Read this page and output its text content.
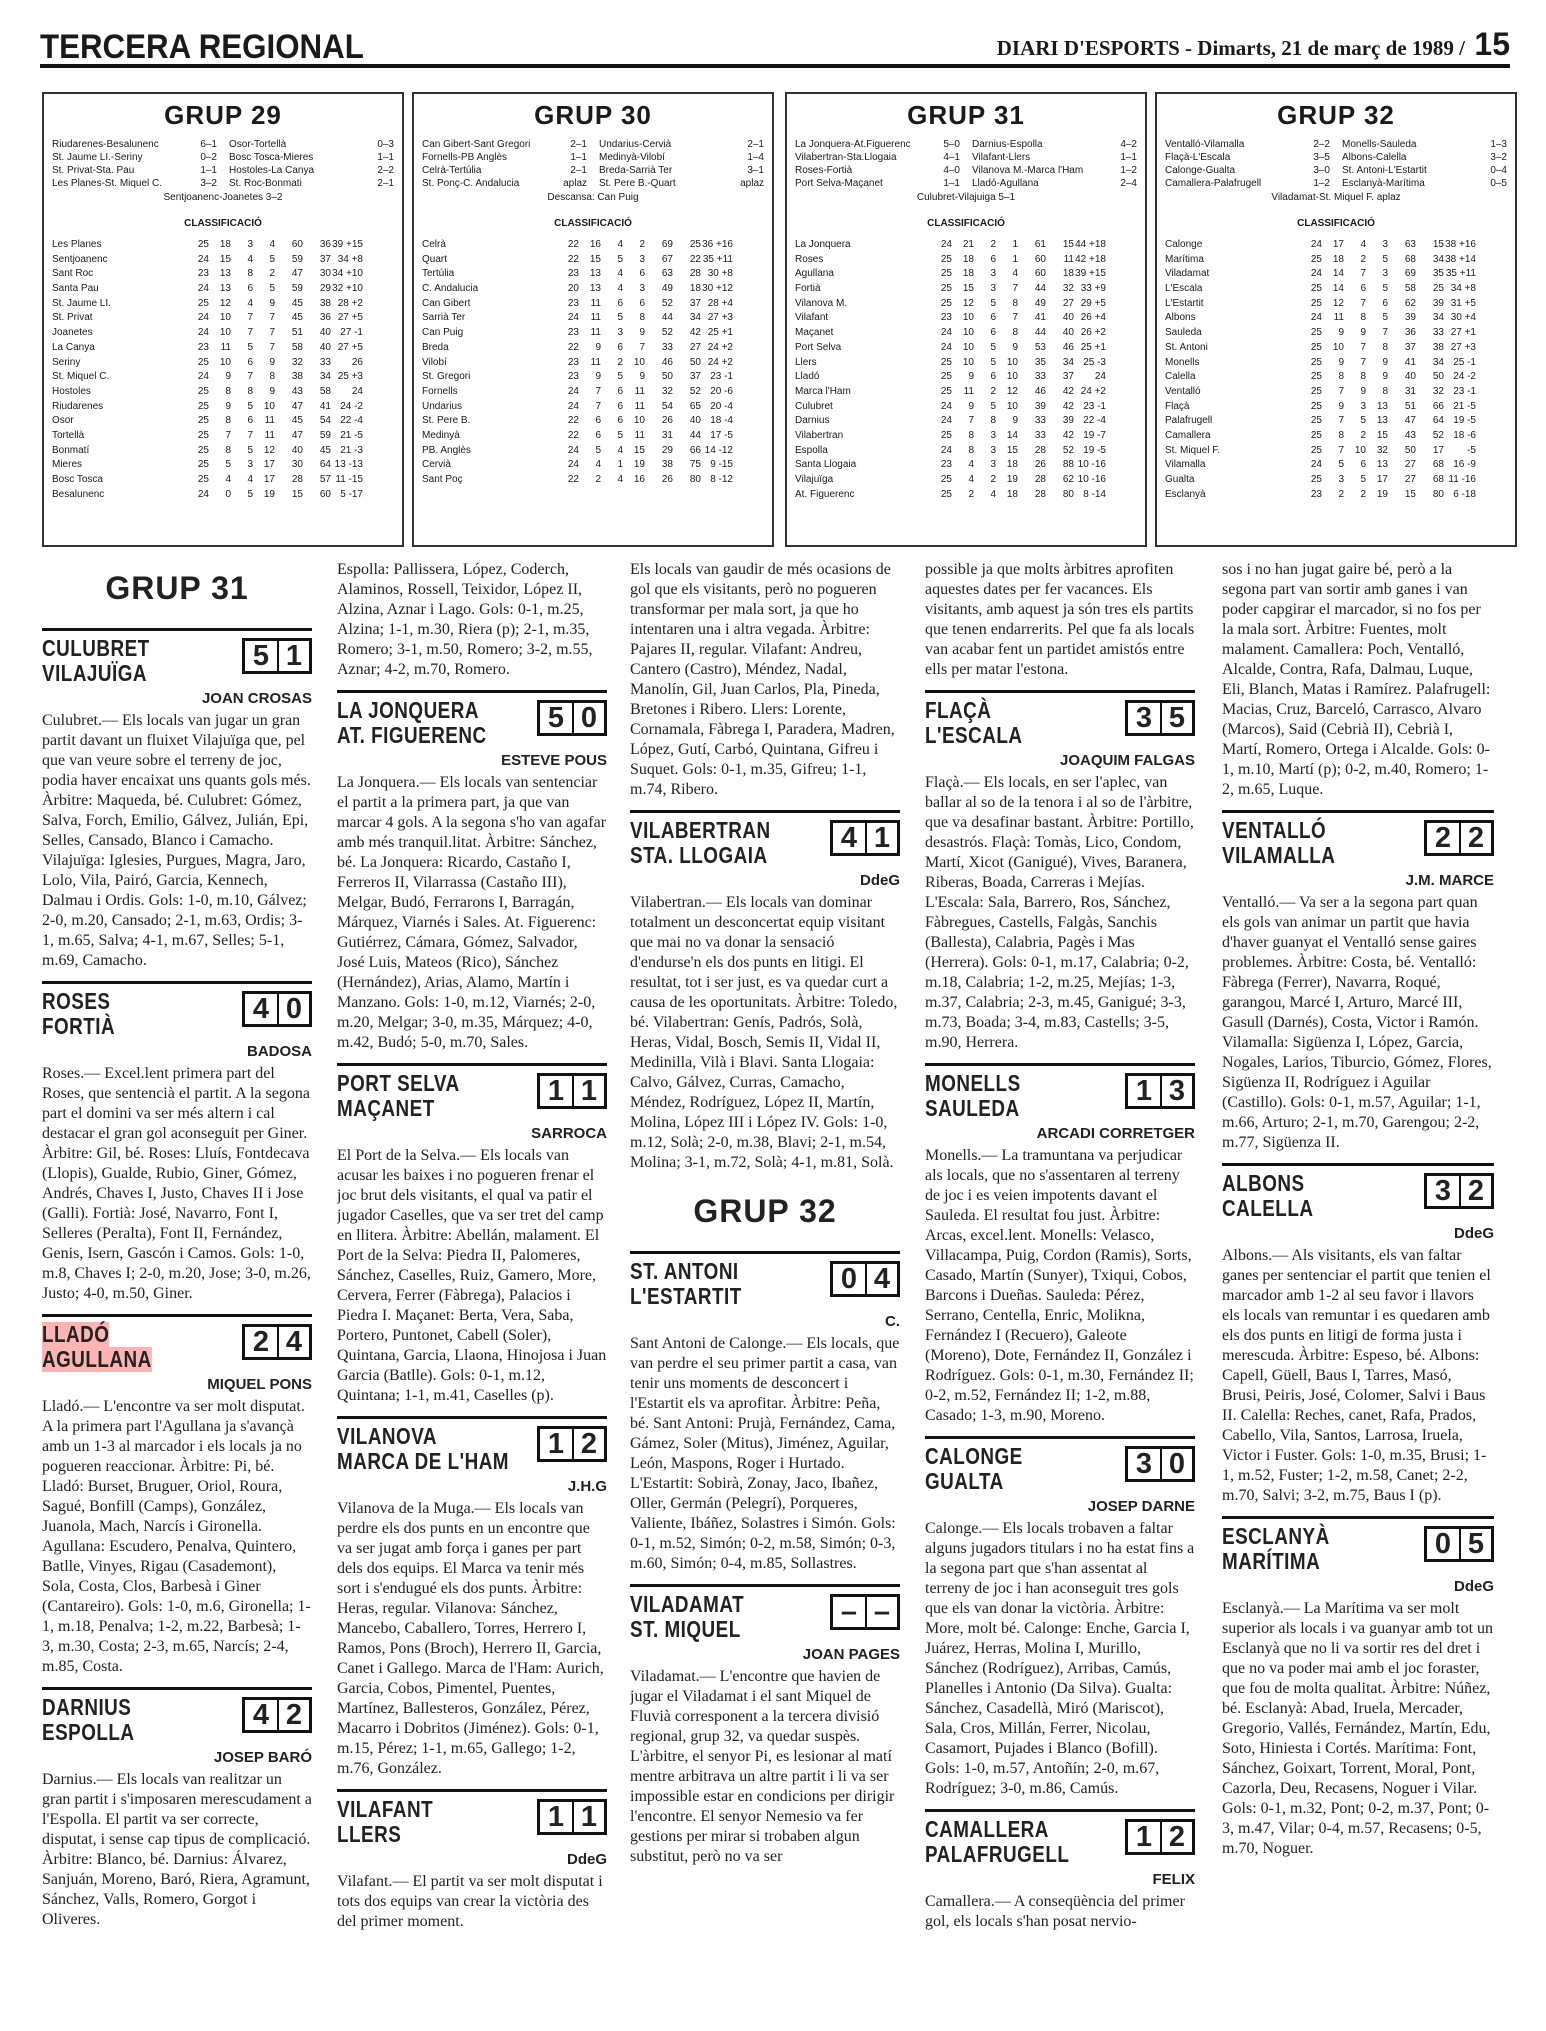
TERCERA REGIONAL	DIARI D'ESPORTS - Dimarts, 21 de març de 1989 / 15
GRUP 29
Riudarenes-Besalunenc	6–1 Osor-Tortellà	0–3
St. Jaume LI.-Seriny	0–2 Bosc Tosca-Mieres	1–1
St. Privat-Sta. Pau	1–1 Hostoles-La Canya	2–2
Les Planes-St. Miquel C.	3–2 St. Roc-Bonmati	2–1
Sentjoanenc-Joanetes 3–2
CLASSIFICACIÓ
Les Planes	25	18	3	4	60	36 39 +15
Sentjoanenc	24	15	4	5	59	37 34 +8
Sant Roc	23	13	8	2	47	30 34 +10
Santa Pau	24	13	6	5	59	29 32 +10
St. Jaume LI.	25	12	4	9	45	38 28 +2
St. Privat	24	10	7	7	45	36 27 +5
Joanetes	24	10	7	7	51	40 27 -1
La Canya	23	11	5	7	58	40 27 +5
Seriny	25	10	6	9	32	33	26
St. Miquel C.	24	9	7	8	38	34 25 +3
Hostoles	25	8	8	9	43	58	24
Riudarenes	25	9	5	10	47	41 24 -2
Osor	25	8	6	11	45	54 22 -4
Tortellà	25	7	7	11	47	59 21 -5
Bonmatí	25	8	5	12	40	45 21 -3
Mieres	25	5	3	17	30	64 13 -13
Bosc Tosca	25	4	4	17	28	57 11 -15
Besalunenc	24	0	5	19	15	60 5 -17
GRUP 30
Can Gibert-Sant Gregori	2–1 Undarius-Cervià	2–1
Fornells-PB Anglès	1–1 Medinyà-Vilobí	1–4
Celrà-Tertúlia	2–1 Breda-Sarrià Ter	3–1
St. Ponç-C. Andalucia	aplaz St. Pere B.-Quart	aplaz
Descansa: Can Puig
CLASSIFICACIÓ
Celrà	22	16	4	2	69	25 36 +16
Quart	22	15	5	3	67	22 35 +11
Tertúlia	23	13	4	6	63	28 30 +8
C. Andalucia	20	13	4	3	49	18 30 +12
Can Gibert	23	11	6	6	52	37 28 +4
Sarrià Ter	24	11	5	8	44	34 27 +3
Can Puig	23	11	3	9	52	42 25 +1
Breda	22	9	6	7	33	27 24 +2
Vilobí	23	11	2	10	46	50 24 +2
St. Gregori	23	9	5	9	50	37 23 -1
Fornells	24	7	6	11	32	52 20 -6
Undarius	24	7	6	11	54	65 20 -4
St. Pere B.	22	6	6	10	26	40 18 -4
Medinyà	22	6	5	11	31	44 17 -5
PB. Anglès	24	5	4	15	29	66 14 -12
Cervià	24	4	1	19	38	75 9 -15
Sant Poç	22	2	4	16	26	80 8 -12
GRUP 31
La Jonquera-At.Figuerenc	5–0 Darnius-Espolla	4–2
Vilabertran-Sta.Llogaia	4–1 Vilafant-Llers	1–1
Roses-Fortià	4–0 Vilanova M.-Marca l'Ham	1–2
Port Selva-Maçanet	1–1 Lladó-Agullana	2–4
Culubret-Vilajuiga 5–1
CLASSIFICACIÓ
La Jonquera	24	21	2	1	61	15 44 +18
Roses	25	18	6	1	60	11 42 +18
Agullana	25	18	3	4	60	18 39 +15
Fortià	25	15	3	7	44	32 33 +9
Vilanova M.	25	12	5	8	49	27 29 +5
Vilafant	23	10	6	7	41	40 26 +4
Maçanet	24	10	6	8	44	40 26 +2
Port Selva	24	10	5	9	53	46 25 +1
Llers	25	10	5	10	35	34 25 -3
Lladó	25	9	6	10	33	37	24
Marca l'Ham	25	11	2	12	46	42 24 +2
Culubret	24	9	5	10	39	42 23 -1
Darnius	24	7	8	9	33	39 22 -4
Vilabertran	25	8	3	14	33	42 19 -7
Espolla	24	8	3	15	28	52 19 -5
Santa Llogaia	23	4	3	18	26	88 10 -16
Vilajuïga	25	4	2	19	28	62 10 -16
At. Figuerenc	25	2	4	18	28	80 8 -14
GRUP 32
Ventalló-Vilamalla	2–2 Monells-Sauleda	1–3
Flaçà-L'Escala	3–5 Albons-Calella	3–2
Calonge-Gualta	3–0 St. Antoni-L'Estartit	0–4
Camallera-Palafrugell	1–2 Esclanyà-Marítima	0–5
Viladamat-St. Miquel F. aplaz
CLASSIFICACIÓ
Calonge	24	17	4	3	63	15 38 +16
Marítima	25	18	2	5	68	34 38 +14
Viladamat	24	14	7	3	69	35 35 +11
L'Escala	25	14	6	5	58	25 34 +8
L'Estartit	25	12	7	6	62	39 31 +5
Albons	24	11	8	5	39	34 30 +4
Sauleda	25	9	9	7	36	33 27 +1
St. Antoni	25	10	7	8	37	38 27 +3
Monells	25	9	7	9	41	34 25 -1
Calella	25	8	8	9	40	50 24 -2
Ventalló	25	7	9	8	31	32 23 -1
Flaçà	25	9	3	13	51	66 21 -5
Palafrugell	25	7	5	13	47	64 19 -5
Camallera	25	8	2	15	43	52 18 -6
St. Miquel F.	25	7	10	32	50	17	-5
Vilamalla	24	5	6	13	27	68 16 -9
Gualta	25	3	5	17	27	68 11 -16
Esclanyà	23	2	2	19	15	80 6 -18
GRUP 31
CULUBRET
VILAJUÏGA
5 1
JOAN CROSAS
Culubret.— Els locals van jugar un gran partit davant un fluixet Vilajuïga que, pel que van veure sobre el terreny de joc, podia haver encaixat uns quants gols més. Àrbitre: Maqueda, bé. Culubret: Gómez, Salva, Forch, Emilio, Gálvez, Julián, Epi, Selles, Cansado, Blanco i Camacho. Vilajuïga: Iglesies, Purgues, Magra, Jaro, Lolo, Vila, Pairó, Garcia, Kennech, Dalmau i Ordis. Gols: 1-0, m.10, Gálvez; 2-0, m.20, Cansado; 2-1, m.63, Ordis; 3-1, m.65, Salva; 4-1, m.67, Selles; 5-1, m.69, Camacho.
ROSES
FORTIÀ
4 0
BADOSA
Roses.— Excel.lent primera part del Roses, que sentencià el partit. A la segona part el domini va ser més altern i cal destacar el gran gol aconseguit per Giner. Àrbitre: Gil, bé. Roses: Lluís, Fontdecava (Llopis), Gualde, Rubio, Giner, Gómez, Andrés, Chaves I, Justo, Chaves II i Jose (Galli). Fortià: José, Navarro, Font I, Selleres (Peralta), Font II, Fernández, Genis, Isern, Gascón i Camos. Gols: 1-0, m.8, Chaves I; 2-0, m.20, Jose; 3-0, m.26, Justo; 4-0, m.50, Giner.
LLADÓ
AGULLANA
2 4
MIQUEL PONS
Lladó.— L'encontre va ser molt disputat. A la primera part l'Agullana ja s'avançà amb un 1-3 al marcador i els locals ja no pogueren reaccionar. Àrbitre: Pi, bé. Lladó: Burset, Bruguer, Oriol, Roura, Sagué, Bonfill (Camps), González, Juanola, Mach, Narcís i Gironella. Agullana: Escudero, Penalva, Quintero, Batlle, Vinyes, Rigau (Casademont), Sola, Costa, Clos, Barbesà i Giner (Cantareiro). Gols: 1-0, m.6, Gironella; 1-1, m.18, Penalva; 1-2, m.22, Barbesà; 1-3, m.30, Costa; 2-3, m.65, Narcís; 2-4, m.85, Costa.
DARNIUS
ESPOLLA
4 2
JOSEP BARÓ
Darnius.— Els locals van realitzar un gran partit i s'imposaren merescudament a l'Espolla. El partit va ser correcte, disputat, i sense cap tipus de complicació. Àrbitre: Blanco, bé. Darnius: Álvarez, Sanjuán, Moreno, Baró, Riera, Agramunt, Sánchez, Valls, Romero, Gorgot i Oliveres.
Espolla: Pallissera, López, Coderch, Alaminos, Rossell, Teixidor, López II, Alzina, Aznar i Lago. Gols: 0-1, m.25, Alzina; 1-1, m.30, Riera (p); 2-1, m.35, Romero; 3-1, m.50, Romero; 3-2, m.55, Aznar; 4-2, m.70, Romero.
LA JONQUERA
AT. FIGUERENC
5 0
ESTEVE POUS
La Jonquera.— Els locals van sentenciar el partit a la primera part, ja que van marcar 4 gols. A la segona s'ho van agafar amb més tranquil.litat. Àrbitre: Sánchez, bé. La Jonquera: Ricardo, Castaño I, Ferreros II, Vilarrassa (Castaño III), Melgar, Budó, Ferrarons I, Barragán, Márquez, Viarnés i Sales. At. Figuerenc: Gutiérrez, Cámara, Gómez, Salvador, José Luis, Mateos (Rico), Sánchez (Hernández), Arias, Alamo, Martín i Manzano. Gols: 1-0, m.12, Viarnés; 2-0, m.20, Melgar; 3-0, m.35, Márquez; 4-0, m.42, Budó; 5-0, m.70, Sales.
PORT SELVA
MAÇANET
1 1
SARROCA
El Port de la Selva.— Els locals van acusar les baixes i no pogueren frenar el joc brut dels visitants, el qual va patir el jugador Caselles, que va ser tret del camp en llitera. Àrbitre: Abellán, malament. El Port de la Selva: Piedra II, Palomeres, Sánchez, Caselles, Ruiz, Gamero, More, Cervera, Ferrer (Fàbrega), Palacios i Piedra I. Maçanet: Berta, Vera, Saba, Portero, Puntonet, Cabell (Soler), Quintana, Garcia, Llaona, Hinojosa i Juan Garcia (Batlle). Gols: 0-1, m.12, Quintana; 1-1, m.41, Caselles (p).
VILANOVA
MARCA DE L'HAM
1 2
J.H.G
Vilanova de la Muga.— Els locals van perdre els dos punts en un encontre que va ser jugat amb força i ganes per part dels dos equips. El Marca va tenir més sort i s'endugué els dos punts. Àrbitre: Heras, regular. Vilanova: Sánchez, Mancebo, Caballero, Torres, Herrero I, Ramos, Pons (Broch), Herrero II, Garcia, Canet i Gallego. Marca de l'Ham: Aurich, Garcia, Cobos, Pimentel, Puentes, Martínez, Ballesteros, González, Pérez, Macarro i Dobritos (Jiménez). Gols: 0-1, m.15, Pérez; 1-1, m.65, Gallego; 1-2, m.76, González.
VILAFANT
LLERS
1 1
DdeG
Vilafant.— El partit va ser molt disputat i tots dos equips van crear la victòria des del primer moment.
Els locals van gaudir de més ocasions de gol que els visitants, però no pogueren transformar per mala sort, ja que ho intentaren una i altra vegada. Àrbitre: Pajares II, regular. Vilafant: Andreu, Cantero (Castro), Méndez, Nadal, Manolín, Gil, Juan Carlos, Pla, Pineda, Bretones i Ribero. Llers: Lorente, Cornamala, Fàbrega I, Paradera, Madren, López, Gutí, Carbó, Quintana, Gifreu i Suquet. Gols: 0-1, m.35, Gifreu; 1-1, m.74, Ribero.
VILABERTRAN
STA. LLOGAIA
4 1
DdeG
Vilabertran.— Els locals van dominar totalment un desconcertat equip visitant que mai no va donar la sensació d'endurse'n els dos punts en litigi. El resultat, tot i ser just, es va quedar curt a causa de les oportunitats. Àrbitre: Toledo, bé. Vilabertran: Genís, Padrós, Solà, Heras, Vidal, Bosch, Semis II, Vidal II, Medinilla, Vilà i Blavi. Santa Llogaia: Calvo, Gálvez, Curras, Camacho, Méndez, Rodríguez, López II, Martín, Molina, López III i López IV. Gols: 1-0, m.12, Solà; 2-0, m.38, Blavi; 2-1, m.54, Molina; 3-1, m.72, Solà; 4-1, m.81, Solà.
GRUP 32
ST. ANTONI
L'ESTARTIT
0 4
C.
Sant Antoni de Calonge.— Els locals, que van perdre el seu primer partit a casa, van tenir uns moments de desconcert i l'Estartit els va aprofitar. Àrbitre: Peña, bé. Sant Antoni: Prujà, Fernández, Cama, Gámez, Soler (Mitus), Jiménez, Aguilar, León, Maspons, Roger i Hurtado. L'Estartit: Sobirà, Zonay, Jaco, Ibañez, Oller, Germán (Pelegrí), Porqueres, Valiente, Ibáñez, Solastres i Simón. Gols: 0-1, m.52, Simón; 0-2, m.58, Simón; 0-3, m.60, Simón; 0-4, m.85, Sollastres.
VILADAMAT
ST. MIQUEL
– –
JOAN PAGES
Viladamat.— L'encontre que havien de jugar el Viladamat i el sant Miquel de Fluvià corresponent a la tercera divisió regional, grup 32, va quedar suspès. L'àrbitre, el senyor Pi, es lesionar al matí mentre arbitrava un altre partit i li va ser impossible estar en condicions per dirigir l'encontre. El senyor Nemesio va fer gestions per mirar si trobaben algun substitut, però no va ser
possible ja que molts àrbitres aprofiten aquestes dates per fer vacances. Els visitants, amb aquest ja són tres els partits que tenen endarrerits. Pel que fa als locals van acabar fent un partidet amistós entre ells per matar l'estona.
FLAÇÀ
L'ESCALA
3 5
JOAQUIM FALGAS
Flaçà.— Els locals, en ser l'aplec, van ballar al so de la tenora i al so de l'àrbitre, que va desafinar bastant. Àrbitre: Portillo, desastrós. Flaçà: Tomàs, Lico, Condom, Martí, Xicot (Ganigué), Vives, Baranera, Riberas, Boada, Carreras i Mejías. L'Escala: Sala, Barrero, Ros, Sánchez, Fàbregues, Castells, Falgàs, Sanchis (Ballesta), Calabria, Pagès i Mas (Herrera). Gols: 0-1, m.17, Calabria; 0-2, m.18, Calabria; 1-2, m.25, Mejías; 1-3, m.37, Calabria; 2-3, m.45, Ganigué; 3-3, m.73, Boada; 3-4, m.83, Castells; 3-5, m.90, Herrera.
MONELLS
SAULEDA
1 3
ARCADI CORRETGER
Monells.— La tramuntana va perjudicar als locals, que no s'assentaren al terreny de joc i es veien impotents davant el Sauleda. El resultat fou just. Àrbitre: Arcas, excel.lent. Monells: Velasco, Villacampa, Puig, Cordon (Ramis), Sorts, Casado, Martín (Sunyer), Txiqui, Cobos, Barcons i Dueñas. Sauleda: Pérez, Serrano, Centella, Enric, Molikna, Fernández I (Recuero), Galeote (Moreno), Dote, Fernández II, González i Rodríguez. Gols: 0-1, m.30, Fernández II; 0-2, m.52, Fernández II; 1-2, m.88, Casado; 1-3, m.90, Moreno.
CALONGE
GUALTA
3 0
JOSEP DARNE
Calonge.— Els locals trobaven a faltar alguns jugadors titulars i no ha estat fins a la segona part que s'han assentat al terreny de joc i han aconseguit tres gols que els van donar la victòria. Àrbitre: More, molt bé. Calonge: Enche, Garcia I, Juárez, Herras, Molina I, Murillo, Sánchez (Rodríguez), Arribas, Camús, Planelles i Antonio (Da Silva). Gualta: Sánchez, Casadellà, Miró (Mariscot), Sala, Cros, Millán, Ferrer, Nicolau, Casamort, Pujades i Blanco (Bofill). Gols: 1-0, m.57, Antoñín; 2-0, m.67, Rodríguez; 3-0, m.86, Camús.
CAMALLERA
PALAFRUGELL
1 2
FELIX
Camallera.— A conseqüència del primer gol, els locals s'han posat nervio-
sos i no han jugat gaire bé, però a la segona part van sortir amb ganes i van poder capgirar el marcador, si no fos per la mala sort. Àrbitre: Fuentes, molt malament. Camallera: Poch, Ventalló, Alcalde, Contra, Rafa, Dalmau, Luque, Eli, Blanch, Matas i Ramírez. Palafrugell: Macias, Cruz, Barceló, Carrasco, Alvaro (Marcos), Said (Cebrià II), Cebrià I, Martí, Romero, Ortega i Alcalde. Gols: 0-1, m.10, Martí (p); 0-2, m.40, Romero; 1-2, m.65, Luque.
VENTALLÓ
VILAMALLA
2 2
J.M. MARCE
Ventalló.— Va ser a la segona part quan els gols van animar un partit que havia d'haver guanyat el Ventalló sense gaires problemes. Àrbitre: Costa, bé. Ventalló: Fàbrega (Ferrer), Navarra, Roqué, garangou, Marcé I, Arturo, Marcé III, Gasull (Darnés), Costa, Victor i Ramón. Vilamalla: Sigüenza I, López, Garcia, Nogales, Larios, Tiburcio, Gómez, Flores, Sigüenza II, Rodríguez i Aguilar (Castillo). Gols: 0-1, m.57, Aguilar; 1-1, m.66, Arturo; 2-1, m.70, Garengou; 2-2, m.77, Sigüenza II.
ALBONS
CALELLA
3 2
DdeG
Albons.— Als visitants, els van faltar ganes per sentenciar el partit que tenien el marcador amb 1-2 al seu favor i llavors els locals van remuntar i es quedaren amb els dos punts en litigi de forma justa i merescuda. Àrbitre: Espeso, bé. Albons: Capell, Güell, Baus I, Tarres, Masó, Brusi, Peiris, José, Colomer, Salvi i Baus II. Calella: Reches, canet, Rafa, Prados, Cabello, Vila, Santos, Larrosa, Iruela, Victor i Fuster. Gols: 1-0, m.35, Brusi; 1-1, m.52, Fuster; 1-2, m.58, Canet; 2-2, m.70, Salvi; 3-2, m.75, Baus I (p).
ESCLANYÀ
MARÍTIMA
0 5
DdeG
Esclanyà.— La Marítima va ser molt superior als locals i va guanyar amb tot un Esclanyà que no li va sortir res del dret i que no va poder mai amb el joc foraster, que fou de molta qualitat. Àrbitre: Núñez, bé. Esclanyà: Abad, Iruela, Mercader, Gregorio, Vallés, Fernández, Martín, Edu, Soto, Hiniesta i Cortés. Marítima: Font, Sánchez, Goixart, Torrent, Moral, Pont, Cazorla, Deu, Recasens, Noguer i Vilar. Gols: 0-1, m.32, Pont; 0-2, m.37, Pont; 0-3, m.47, Vilar; 0-4, m.57, Recasens; 0-5, m.70, Noguer.
